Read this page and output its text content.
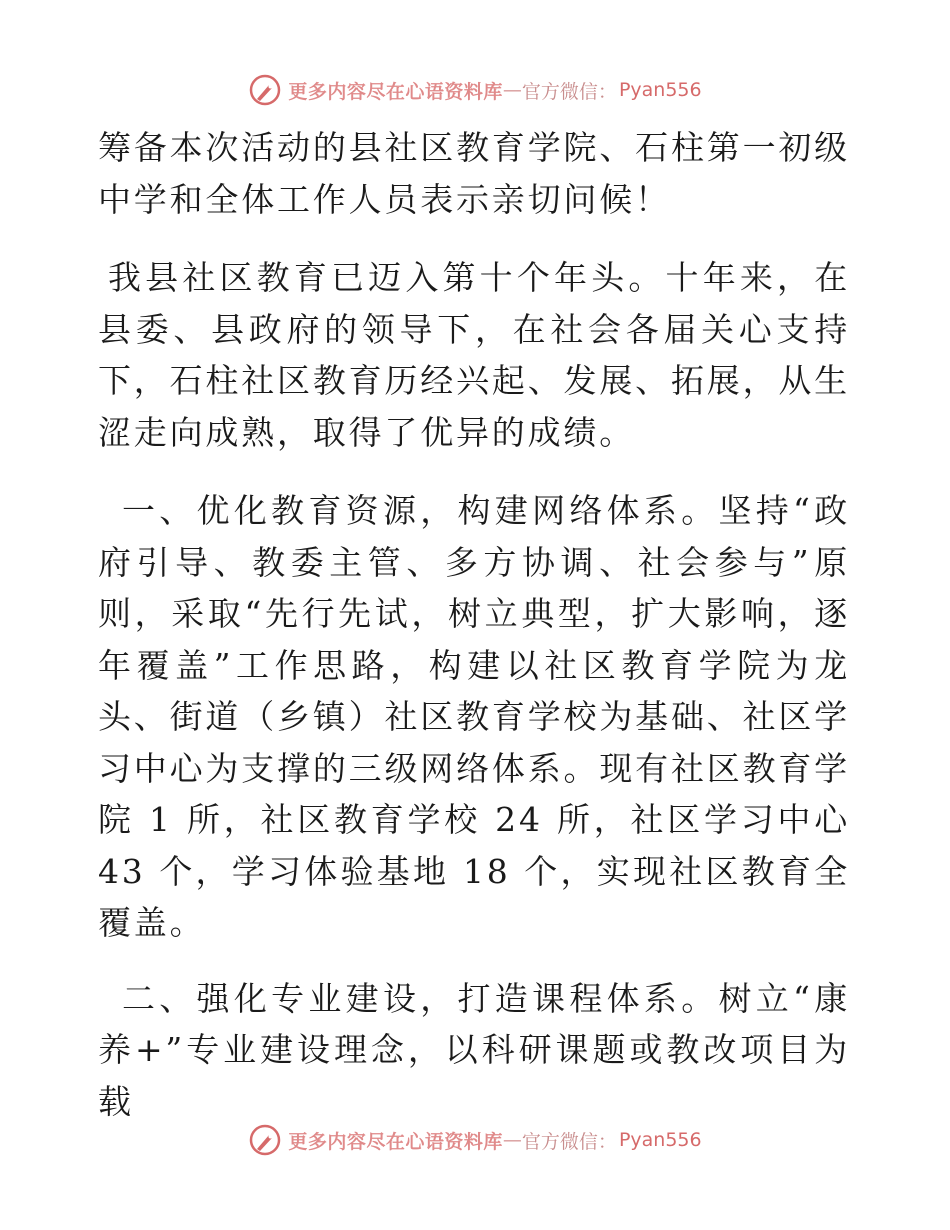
更多内容尽在心语资料库 — 官方微信： Pyan556

筹备本次活动的县社区教育学院、石柱第一初级中学和全体工作人员表示亲切问候！

我县社区教育已迈入第十个年头。十年来，在县委、县政府的领导下，在社会各届关心支持下，石柱社区教育历经兴起、发展、拓展，从生涩走向成熟，取得了优异的成绩。

一、优化教育资源，构建网络体系。坚持“政府引导、教委主管、多方协调、社会参与”原则，采取“先行先试，树立典型，扩大影响，逐年覆盖”工作思路，构建以社区教育学院为龙头、街道（乡镇）社区教育学校为基础、社区学习中心为支撑的三级网络体系。现有社区教育学院 1 所，社区教育学校 24 所，社区学习中心 43 个，学习体验基地 18 个，实现社区教育全覆盖。

二、强化专业建设，打造课程体系。树立“康养+”专业建设理念，以科研课题或教改项目为载

更多内容尽在心语资料库 — 官方微信： Pyan556
